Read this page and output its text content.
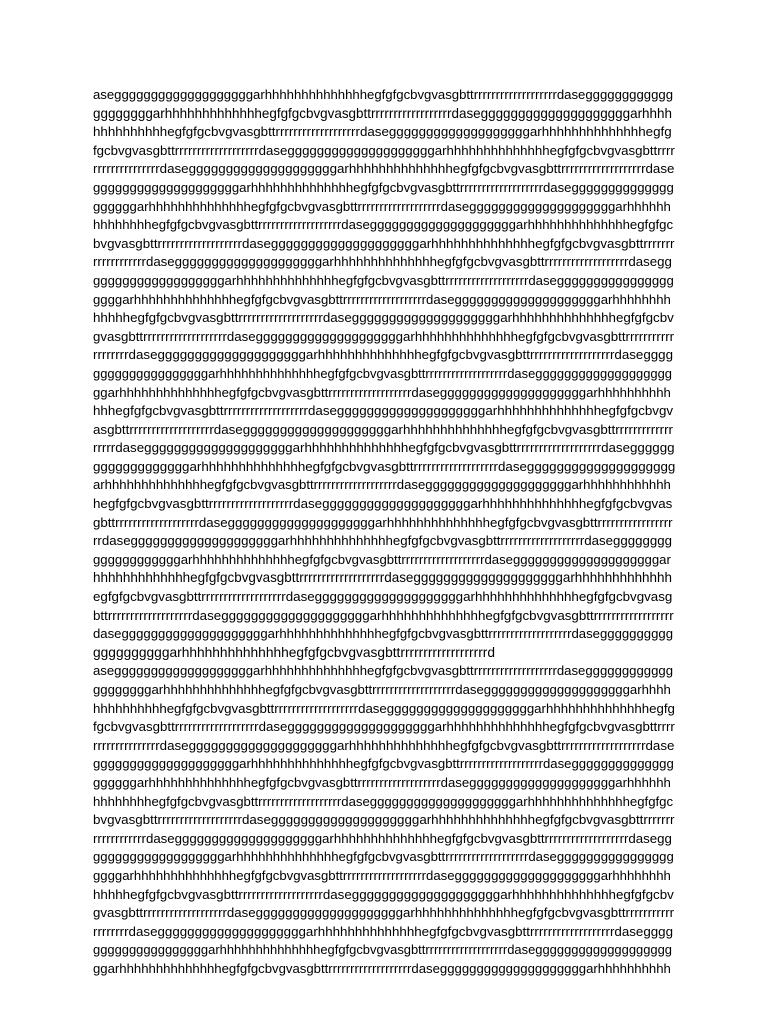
asegggggggggggggggggggarhhhhhhhhhhhhhhegfgfgcbvgvasgbttrrrrrrrrrrrrrrrrrrrdasegggggggggggg
ggggggggarhhhhhhhhhhhhhegfgfgcbvgvasgbttrrrrrrrrrrrrrrrrrrdaseggggggggggggggggggggarhhhh
hhhhhhhhhhegfgfgcbvgvasgbttrrrrrrrrrrrrrrrrrrrdasegggggggggggggggggggarhhhhhhhhhhhhhhegfg
fgcbvgvasgbttrrrrrrrrrrrrrrrrrrrdaseggggggggggggggggggggarhhhhhhhhhhhhhhegfgfgcbvgvasgbttrrrr
rrrrrrrrrrrrrrrdaseggggggggggggggggggggarhhhhhhhhhhhhhhegfgfgcbvgvasgbttrrrrrrrrrrrrrrrrrrrdase
ggggggggggggggggggggarhhhhhhhhhhhhhhegfgfgcbvgvasgbttrrrrrrrrrrrrrrrrrrrdasegggggggggggggg
ggggggarhhhhhhhhhhhhhhegfgfgcbvgvasgbttrrrrrrrrrrrrrrrrrrrdaseggggggggggggggggggggarhhhhhh
hhhhhhhhegfgfgcbvgvasgbttrrrrrrrrrrrrrrrrrrrdaseggggggggggggggggggggarhhhhhhhhhhhhhhegfgfgc
bvgvasgbttrrrrrrrrrrrrrrrrrrrdaseggggggggggggggggggggarhhhhhhhhhhhhhhegfgfgcbvgvasgbttrrrrrrr
rrrrrrrrrrrrdaseggggggggggggggggggggarhhhhhhhhhhhhhhegfgfgcbvgvasgbttrrrrrrrrrrrrrrrrrrrdasegg
ggggggggggggggggggarhhhhhhhhhhhhhhegfgfgcbvgvasgbttrrrrrrrrrrrrrrrrrrrdasegggggggggggggggg
ggggarhhhhhhhhhhhhhhegfgfgcbvgvasgbttrrrrrrrrrrrrrrrrrrrdaseggggggggggggggggggggarhhhhhhhh
hhhhhegfgfgcbvgvasgbttrrrrrrrrrrrrrrrrrrrdaseggggggggggggggggggggarhhhhhhhhhhhhhhegfgfgcbv
gvasgbttrrrrrrrrrrrrrrrrrrrdaseggggggggggggggggggggarhhhhhhhhhhhhhhegfgfgcbvgvasgbttrrrrrrrrrrr
rrrrrrrrdaseggggggggggggggggggggarhhhhhhhhhhhhhhegfgfgcbvgvasgbttrrrrrrrrrrrrrrrrrrrdasegggg
ggggggggggggggggarhhhhhhhhhhhhhhegfgfgcbvgvasgbttrrrrrrrrrrrrrrrrrrrdaseggggggggggggggggggg
ggarhhhhhhhhhhhhhhegfgfgcbvgvasgbttrrrrrrrrrrrrrrrrrrrdaseggggggggggggggggggggarhhhhhhhhhh
hhhegfgfgcbvgvasgbttrrrrrrrrrrrrrrrrrrrdaseggggggggggggggggggggarhhhhhhhhhhhhhhegfgfgcbvgv
asgbttrrrrrrrrrrrrrrrrrrrdaseggggggggggggggggggggarhhhhhhhhhhhhhhegfgfgcbvgvasgbttrrrrrrrrrrrrr
rrrrrdaseggggggggggggggggggggarhhhhhhhhhhhhhhegfgfgcbvgvasgbttrrrrrrrrrrrrrrrrrrrdasegggggg
gggggggggggggarhhhhhhhhhhhhhhegfgfgcbvgvasgbttrrrrrrrrrrrrrrrrrrrdasegggggggggggggggggggg
arhhhhhhhhhhhhhhegfgfgcbvgvasgbttrrrrrrrrrrrrrrrrrrrdaseggggggggggggggggggggarhhhhhhhhhhhh
hegfgfgcbvgvasgbttrrrrrrrrrrrrrrrrrrrdaseggggggggggggggggggggarhhhhhhhhhhhhhhegfgfgcbvgvas
gbttrrrrrrrrrrrrrrrrrrrdaseggggggggggggggggggggarhhhhhhhhhhhhhhegfgfgcbvgvasgbttrrrrrrrrrrrrrrrrr
rrdaseggggggggggggggggggggarhhhhhhhhhhhhhhegfgfgcbvgvasgbttrrrrrrrrrrrrrrrrrrrdasegggggggg
ggggggggggggarhhhhhhhhhhhhhhegfgfgcbvgvasgbttrrrrrrrrrrrrrrrrrrrdaseggggggggggggggggggggar
hhhhhhhhhhhhhegfgfgcbvgvasgbttrrrrrrrrrrrrrrrrrrrdaseggggggggggggggggggggarhhhhhhhhhhhhh
egfgfgcbvgvasgbttrrrrrrrrrrrrrrrrrrrdaseggggggggggggggggggggarhhhhhhhhhhhhhhegfgfgcbvgvasg
bttrrrrrrrrrrrrrrrrrrrdaseggggggggggggggggggggarhhhhhhhhhhhhhhegfgfgcbvgvasgbttrrrrrrrrrrrrrrrrrr
daseggggggggggggggggggggarhhhhhhhhhhhhhhegfgfgcbvgvasgbttrrrrrrrrrrrrrrrrrrrdasegggggggggg
ggggggggggarhhhhhhhhhhhhhhegfgfgcbvgvasgbttrrrrrrrrrrrrrrrrrrrd
asegggggggggggggggggggarhhhhhhhhhhhhhhegfgfgcbvgvasgbttrrrrrrrrrrrrrrrrrrrdasegggggggggggg
ggggggggarhhhhhhhhhhhhhhegfgfgcbvgvasgbttrrrrrrrrrrrrrrrrrrrdaseggggggggggggggggggggarhhhh
hhhhhhhhhhegfgfgcbvgvasgbttrrrrrrrrrrrrrrrrrrrdaseggggggggggggggggggggarhhhhhhhhhhhhhhegfg
fgcbvgvasgbttrrrrrrrrrrrrrrrrrrrdaseggggggggggggggggggggarhhhhhhhhhhhhhhegfgfgcbvgvasgbttrrrr
rrrrrrrrrrrrrrrdaseggggggggggggggggggggarhhhhhhhhhhhhhhegfgfgcbvgvasgbttrrrrrrrrrrrrrrrrrrrdase
ggggggggggggggggggggarhhhhhhhhhhhhhhegfgfgcbvgvasgbttrrrrrrrrrrrrrrrrrrrdasegggggggggggggg
ggggggarhhhhhhhhhhhhhhegfgfgcbvgvasgbttrrrrrrrrrrrrrrrrrrrdaseggggggggggggggggggggarhhhhhh
hhhhhhhhegfgfgcbvgvasgbttrrrrrrrrrrrrrrrrrrrdaseggggggggggggggggggggarhhhhhhhhhhhhhhegfgfgc
bvgvasgbttrrrrrrrrrrrrrrrrrrrdaseggggggggggggggggggggarhhhhhhhhhhhhhhegfgfgcbvgvasgbttrrrrrrr
rrrrrrrrrrrrdaseggggggggggggggggggggarhhhhhhhhhhhhhhegfgfgcbvgvasgbttrrrrrrrrrrrrrrrrrrrdasegg
ggggggggggggggggggarhhhhhhhhhhhhhhegfgfgcbvgvasgbttrrrrrrrrrrrrrrrrrrrdasegggggggggggggggg
ggggarhhhhhhhhhhhhhhegfgfgcbvgvasgbttrrrrrrrrrrrrrrrrrrrdaseggggggggggggggggggggarhhhhhhhh
hhhhhegfgfgcbvgvasgbttrrrrrrrrrrrrrrrrrrrdaseggggggggggggggggggggarhhhhhhhhhhhhhhegfgfgcbv
gvasgbttrrrrrrrrrrrrrrrrrrrdaseggggggggggggggggggggarhhhhhhhhhhhhhhegfgfgcbvgvasgbttrrrrrrrrrrr
rrrrrrrrdaseggggggggggggggggggggarhhhhhhhhhhhhhhegfgfgcbvgvasgbttrrrrrrrrrrrrrrrrrrrdasegggg
ggggggggggggggggarhhhhhhhhhhhhhhegfgfgcbvgvasgbttrrrrrrrrrrrrrrrrrrrdaseggggggggggggggggggg
ggarhhhhhhhhhhhhhhegfgfgcbvgvasgbttrrrrrrrrrrrrrrrrrrrdaseggggggggggggggggggggarhhhhhhhhhh
